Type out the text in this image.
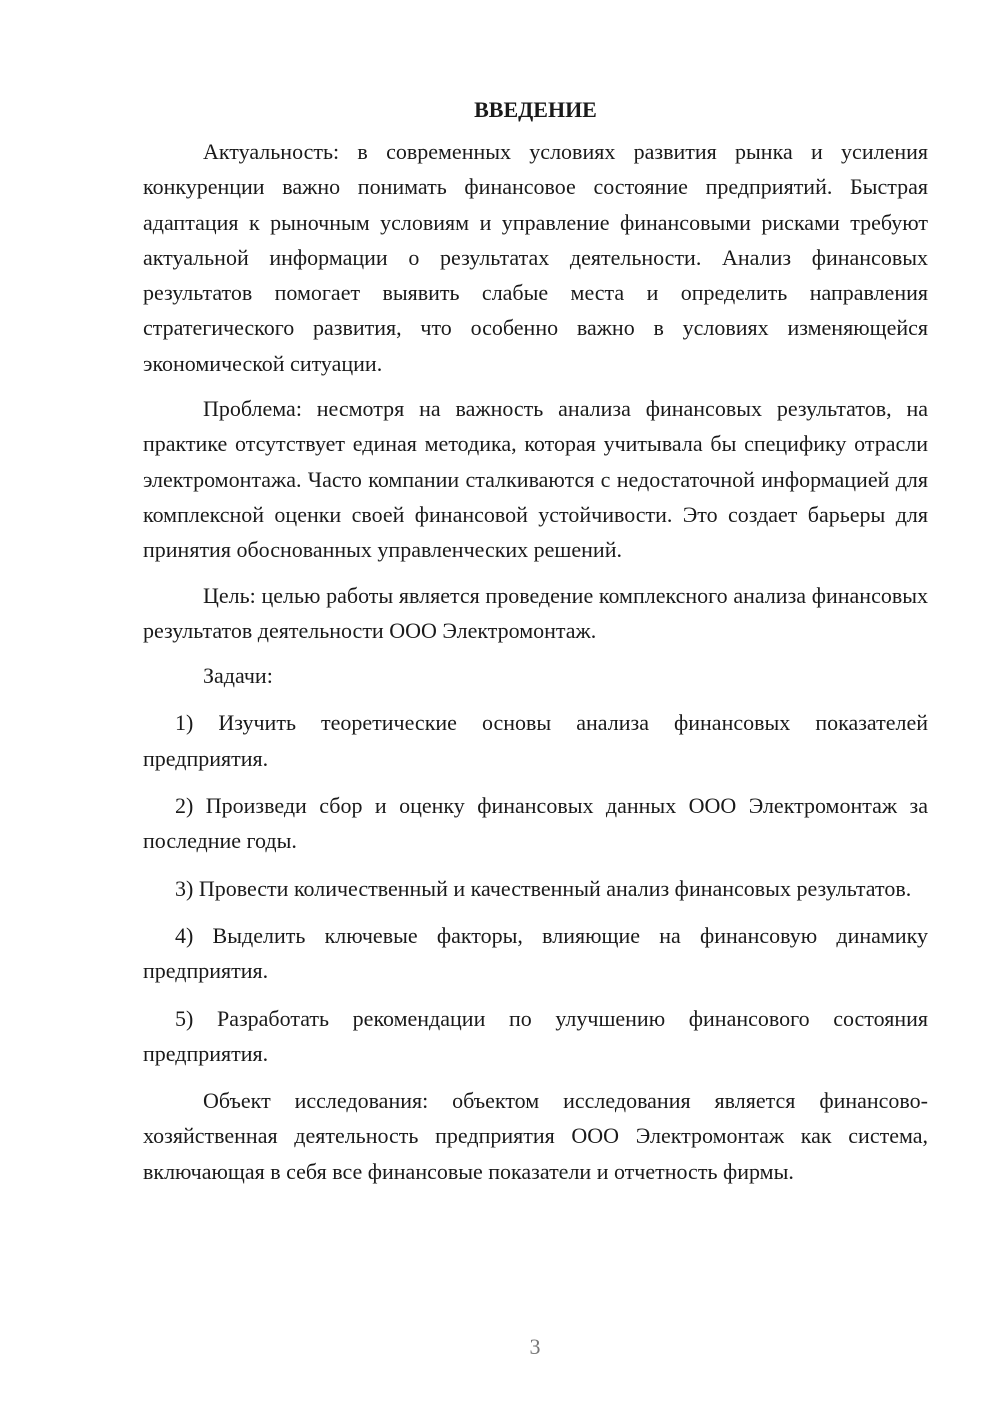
ВВЕДЕНИЕ

Актуальность: в современных условиях развития рынка и усиления конкуренции важно понимать финансовое состояние предприятий. Быстрая адаптация к рыночным условиям и управление финансовыми рисками требуют актуальной информации о результатах деятельности. Анализ финансовых результатов помогает выявить слабые места и определить направления стратегического развития, что особенно важно в условиях изменяющейся экономической ситуации.

Проблема: несмотря на важность анализа финансовых результатов, на практике отсутствует единая методика, которая учитывала бы специфику отрасли электромонтажа. Часто компании сталкиваются с недостаточной информацией для комплексной оценки своей финансовой устойчивости. Это создает барьеры для принятия обоснованных управленческих решений.

Цель: целью работы является проведение комплексного анализа финансовых результатов деятельности ООО Электромонтаж.

Задачи:

1) Изучить теоретические основы анализа финансовых показателей предприятия.

2) Произведи сбор и оценку финансовых данных ООО Электромонтаж за последние годы.

3) Провести количественный и качественный анализ финансовых результатов.

4) Выделить ключевые факторы, влияющие на финансовую динамику предприятия.

5) Разработать рекомендации по улучшению финансового состояния предприятия.

Объект исследования: объектом исследования является финансово-хозяйственная деятельность предприятия ООО Электромонтаж как система, включающая в себя все финансовые показатели и отчетность фирмы.

3
